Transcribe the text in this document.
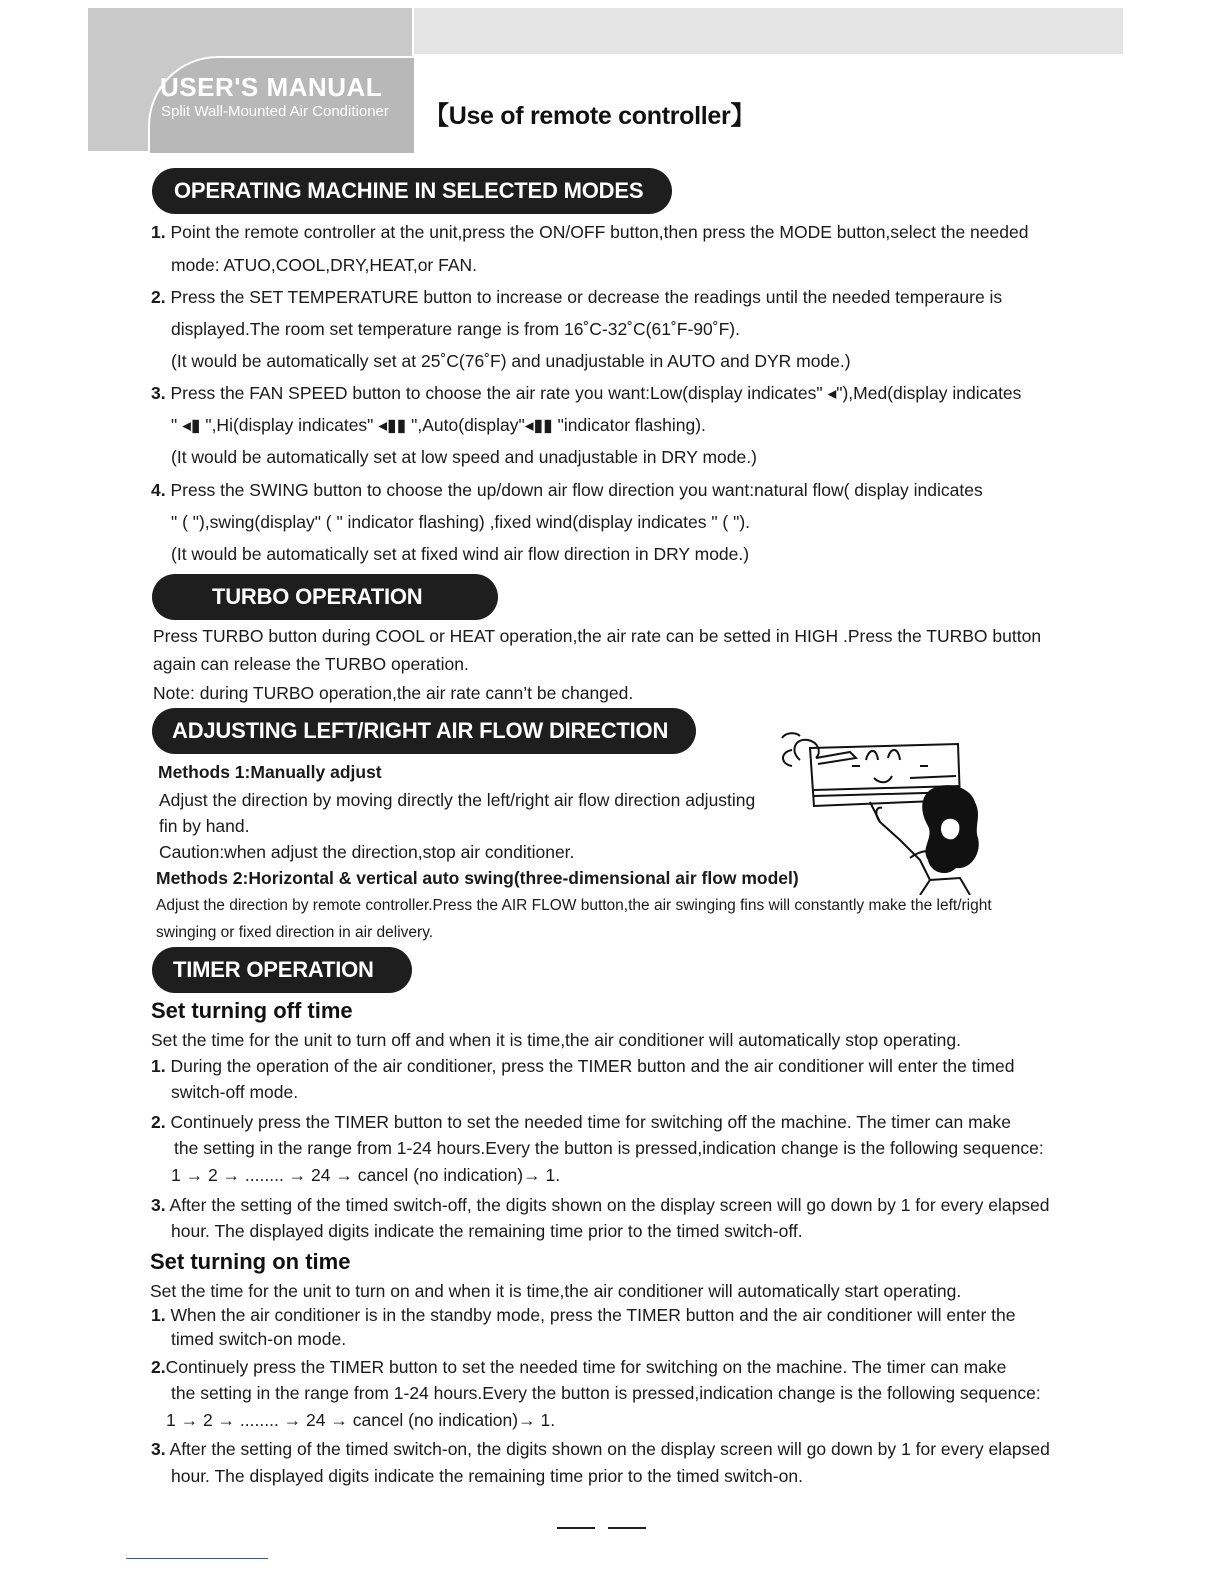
USER'S MANUAL
Split Wall-Mounted Air Conditioner 【Use of remote controller】
OPERATING MACHINE IN SELECTED MODES
1. Point the remote controller at the unit,press the ON/OFF button,then press the MODE button,select the needed
mode: ATUO,COOL,DRY,HEAT,or FAN.
2. Press the SET TEMPERATURE button to increase or decrease the readings until the needed temperaure is
displayed.The room set temperature range is from 16˚C-32˚C(61˚F-90˚F).
(It would be automatically set at 25˚C(76˚F) and unadjustable in AUTO and DYR mode.)
3. Press the FAN SPEED button to choose the air rate you want:Low(display indicates" ◂"),Med(display indicates
" ◂▮ ",Hi(display indicates" ◂▮▮ ",Auto(display"◂▮▮ "indicator flashing).
(It would be automatically set at low speed and unadjustable in DRY mode.)
4. Press the SWING button to choose the up/down air flow direction you want:natural flow( display indicates
" ( "),swing(display" ( " indicator flashing) ,fixed wind(display indicates " ( ").
(It would be automatically set at fixed wind air flow direction in DRY mode.)
TURBO OPERATION
Press TURBO button during COOL or HEAT operation,the air rate can be setted in HIGH .Press the TURBO button
again can release the TURBO operation.
Note: during TURBO operation,the air rate cann’t be changed.
ADJUSTING LEFT/RIGHT AIR FLOW DIRECTION
Methods 1:Manually adjust
Adjust the direction by moving directly the left/right air flow direction adjusting
fin by hand.
Caution:when adjust the direction,stop air conditioner.
Methods 2:Horizontal & vertical auto swing(three-dimensional air flow model)
Adjust the direction by remote controller.Press the AIR FLOW button,the air swinging fins will constantly make the left/right
swinging or fixed direction in air delivery.
TIMER OPERATION
Set turning off time
Set the time for the unit to turn off and when it is time,the air conditioner will automatically stop operating.
1. During the operation of the air conditioner, press the TIMER button and the air conditioner will enter the timed
switch-off mode.
2. Continuely press the TIMER button to set the needed time for switching off the machine. The timer can make
the setting in the range from 1-24 hours.Every the button is pressed,indication change is the following sequence:
1 → 2 → ........ → 24 → cancel (no indication)→ 1.
3. After the setting of the timed switch-off, the digits shown on the display screen will go down by 1 for every elapsed
hour. The displayed digits indicate the remaining time prior to the timed switch-off.
Set turning on time
Set the time for the unit to turn on and when it is time,the air conditioner will automatically start operating.
1. When the air conditioner is in the standby mode, press the TIMER button and the air conditioner will enter the
timed switch-on mode.
2.Continuely press the TIMER button to set the needed time for switching on the machine. The timer can make
the setting in the range from 1-24 hours.Every the button is pressed,indication change is the following sequence:
1 → 2 → ........ → 24 → cancel (no indication)→ 1.
3. After the setting of the timed switch-on, the digits shown on the display screen will go down by 1 for every elapsed
hour. The displayed digits indicate the remaining time prior to the timed switch-on.
